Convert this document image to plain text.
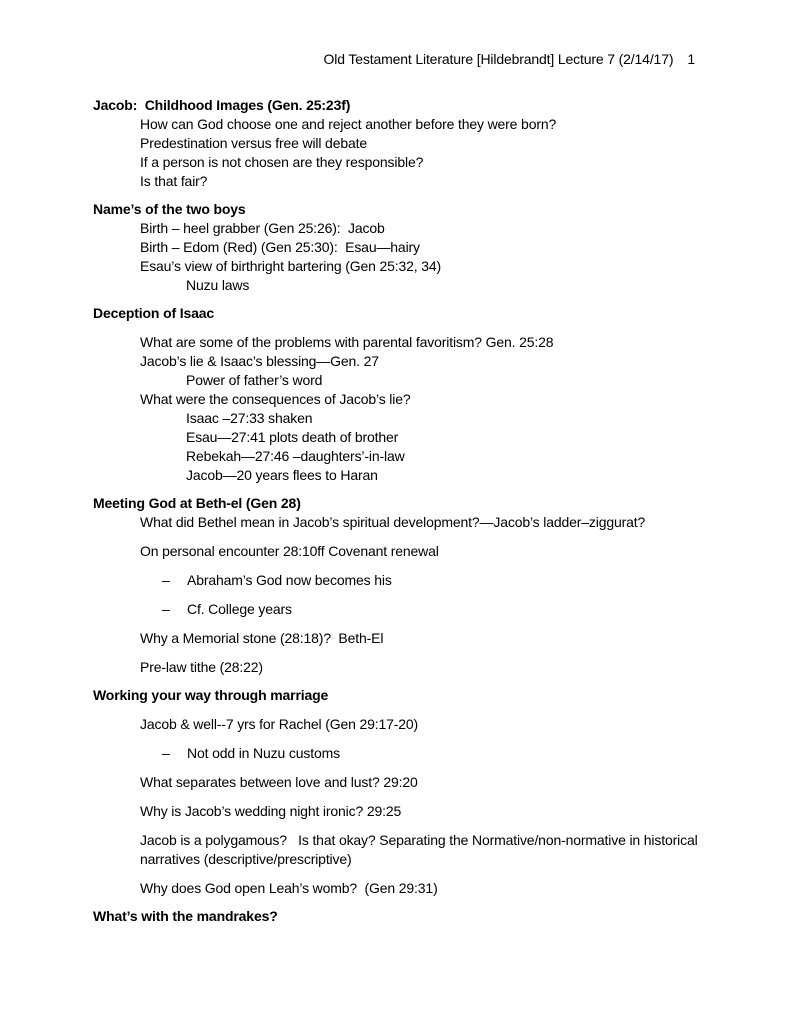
Old Testament Literature [Hildebrandt] Lecture 7 (2/14/17) 1
Jacob:  Childhood Images (Gen. 25:23f)

How can God choose one and reject another before they were born?

Predestination versus free will debate

If a person is not chosen are they responsible?

Is that fair?

Name’s of the two boys

Birth – heel grabber (Gen 25:26):  Jacob

Birth – Edom (Red) (Gen 25:30):  Esau—hairy

Esau’s view of birthright bartering (Gen 25:32, 34)

Nuzu laws

Deception of Isaac

What are some of the problems with parental favoritism? Gen. 25:28

Jacob’s lie & Isaac’s blessing—Gen. 27

Power of father’s word

What were the consequences of Jacob’s lie?

Isaac –27:33 shaken

Esau—27:41 plots death of brother

Rebekah—27:46 –daughters’-in-law

Jacob—20 years flees to Haran

Meeting God at Beth-el (Gen 28)

What did Bethel mean in Jacob’s spiritual development?—Jacob’s ladder–ziggurat?

On personal encounter 28:10ff Covenant renewal

– Abraham’s God now becomes his

– Cf. College years

Why a Memorial stone (28:18)?  Beth-El

Pre-law tithe (28:22)

Working your way through marriage

Jacob & well--7 yrs for Rachel (Gen 29:17-20)

– Not odd in Nuzu customs

What separates between love and lust? 29:20

Why is Jacob’s wedding night ironic? 29:25

Jacob is a polygamous?   Is that okay? Separating the Normative/non-normative in historical

narratives (descriptive/prescriptive)

Why does God open Leah’s womb?  (Gen 29:31)

What’s with the mandrakes?
